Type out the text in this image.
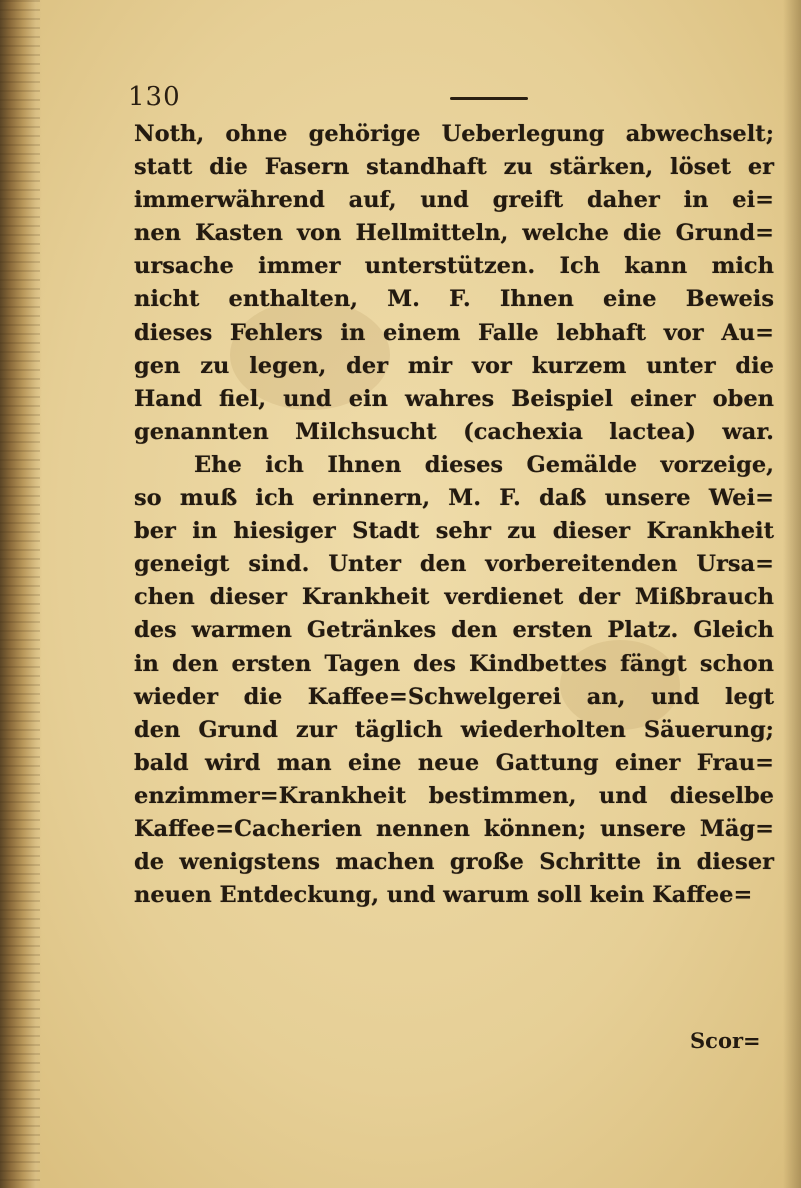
130
Noth, ohne gehörige Ueberlegung abwechselt;
statt die Fasern standhaft zu stärken, löset er
immerwährend auf, und greift daher in ei=
nen Kasten von Hellmitteln, welche die Grund=
ursache immer unterstützen. Ich kann mich
nicht enthalten, M. F. Ihnen eine Beweis
dieses Fehlers in einem Falle lebhaft vor Au=
gen zu legen, der mir vor kurzem unter die
Hand fiel, und ein wahres Beispiel einer oben
genannten Milchsucht (cachexia lactea) war.
Ehe ich Ihnen dieses Gemälde vorzeige,
so muß ich erinnern, M. F. daß unsere Wei=
ber in hiesiger Stadt sehr zu dieser Krankheit
geneigt sind. Unter den vorbereitenden Ursa=
chen dieser Krankheit verdienet der Mißbrauch
des warmen Getränkes den ersten Platz. Gleich
in den ersten Tagen des Kindbettes fängt schon
wieder die Kaffee=Schwelgerei an, und legt
den Grund zur täglich wiederholten Säuerung;
bald wird man eine neue Gattung einer Frau=
enzimmer=Krankheit bestimmen, und dieselbe
Kaffee=Cacherien nennen können; unsere Mäg=
de wenigstens machen große Schritte in dieser
neuen Entdeckung, und warum soll kein Kaffee=
Scor=
